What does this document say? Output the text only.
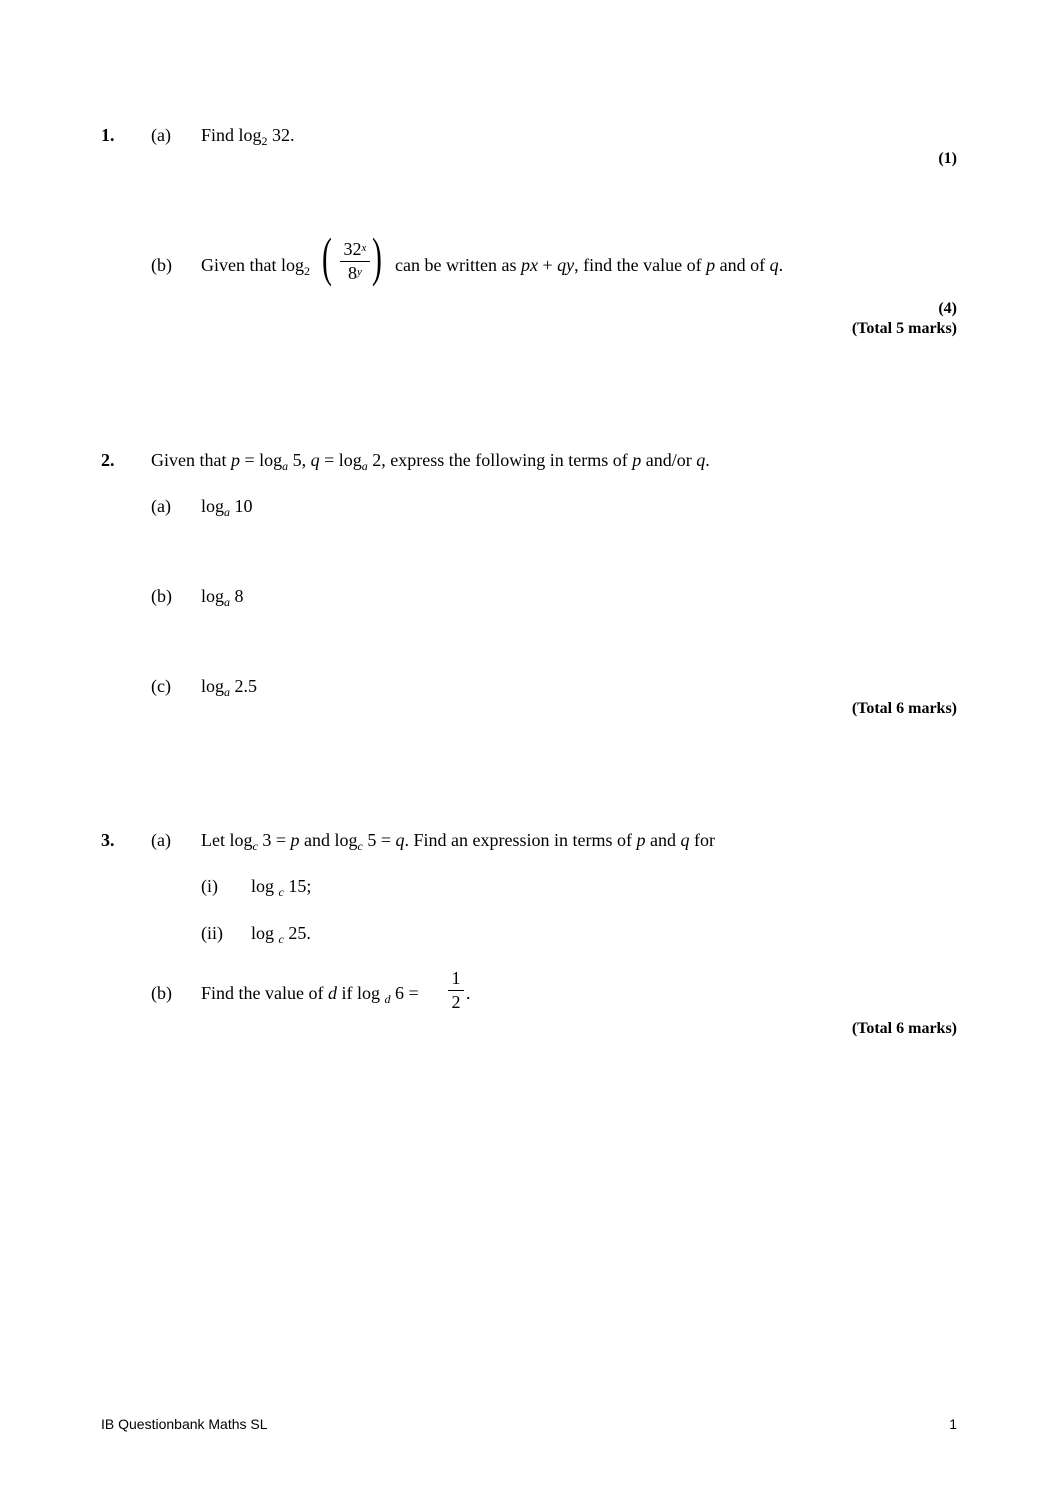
1. (a) Find $\log_2 32$.
(1)
(b) Given that $\log_2$ ( 32$^x$
8$^y$ ) can be written as px + qy, find the value of p and of q.
(4)
(Total 5 marks)
2. Given that $p = \log_a 5$, $q = \log_a 2$, express the following in terms of p and/or q.
(a) $\log_a 10$
(b) $\log_a 8$
(c) $\log_a 2.5$
(Total 6 marks)
3. (a) Let $\log_c 3 = p$ and $\log_c 5 = q$. Find an expression in terms of p and q for
(i) log $_c$ 15;
(ii) log $_c$ 25.
(b) Find the value of d if log $_d$ $6 = \frac{1}{2}$ .
(Total 6 marks)
IB Questionbank Maths SL	1
